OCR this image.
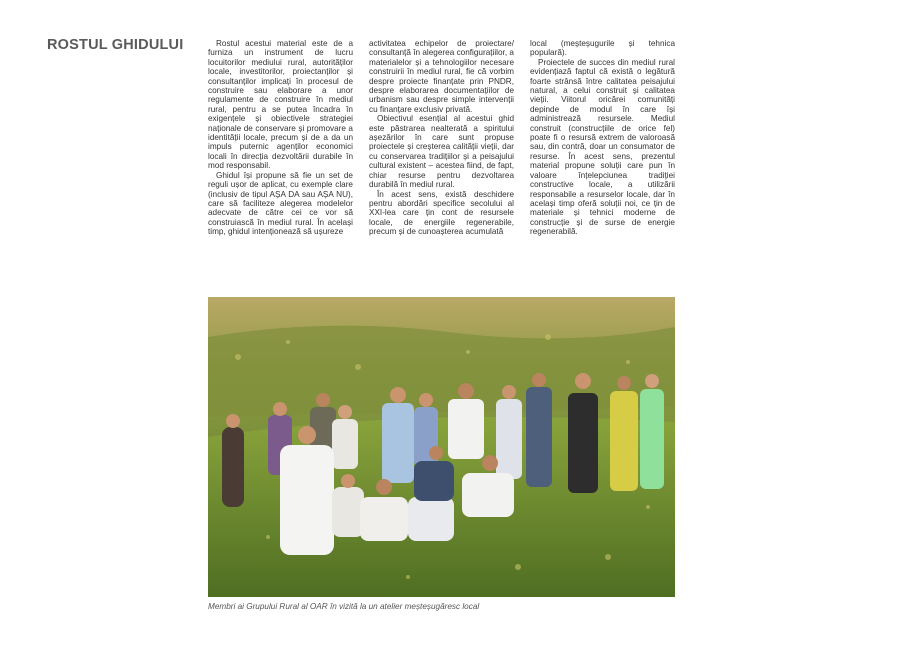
ROSTUL GHIDULUI	Rostul acestui material este de a furniza un instrument de lucru locuitorilor mediului rural, autorităților locale, investitorilor, proiectanților și consultanților implicați în procesul de construire sau elaborare a unor regulamente de construire în mediul rural, pentru a se putea încadra în exigențele și obiectivele strategiei naționale de conservare și promovare a identității locale, precum și de a da un impuls puternic agenților economici locali în direcția dezvoltării durabile în mod responsabil.

Ghidul își propune să fie un set de reguli ușor de aplicat, cu exemple clare (inclusiv de tipul AȘA DA sau AȘA NU), care să faciliteze alegerea modelelor adecvate de către cei ce vor să construiască în mediul rural. În același timp, ghidul intenționează să ușureze

activitatea echipelor de proiectare/ consultanță în alegerea configurațiilor, a materialelor și a tehnologiilor necesare construirii în mediul rural, fie că vorbim despre proiecte finanțate prin PNDR, despre elaborarea documentațiilor de urbanism sau despre simple intervenții cu finanțare exclusiv privată.

Obiectivul esențial al acestui ghid este păstrarea nealterată a spiritului așezărilor în care sunt propuse proiectele și creșterea calității vieții, dar cu conservarea tradițiilor și a peisajului cultural existent – acestea fiind, de fapt, chiar resurse pentru dezvoltarea durabilă în mediul rural.

În acest sens, există deschidere pentru abordări specifice secolului al XXI-lea care țin cont de resursele locale, de energiile regenerabile, precum și de cunoașterea acumulată

local (meșteșugurile și tehnica populară).

Proiectele de succes din mediul rural evidențiază faptul că există o legătură foarte strânsă între calitatea peisajului natural, a celui construit și calitatea vieții. Viitorul oricărei comunități depinde de modul în care își administrează resursele. Mediul construit (construcțiile de orice fel) poate fi o resursă extrem de valoroasă sau, din contră, doar un consumator de resurse. În acest sens, prezentul material propune soluții care pun în valoare înțelepciunea tradiției constructive locale, a utilizării responsabile a resurselor locale, dar în același timp oferă soluții noi, ce țin de materiale și tehnici moderne de construcție și de surse de energie regenerabilă.

Membri ai Grupului Rural al OAR în vizită la un atelier meșteșugăresc local
